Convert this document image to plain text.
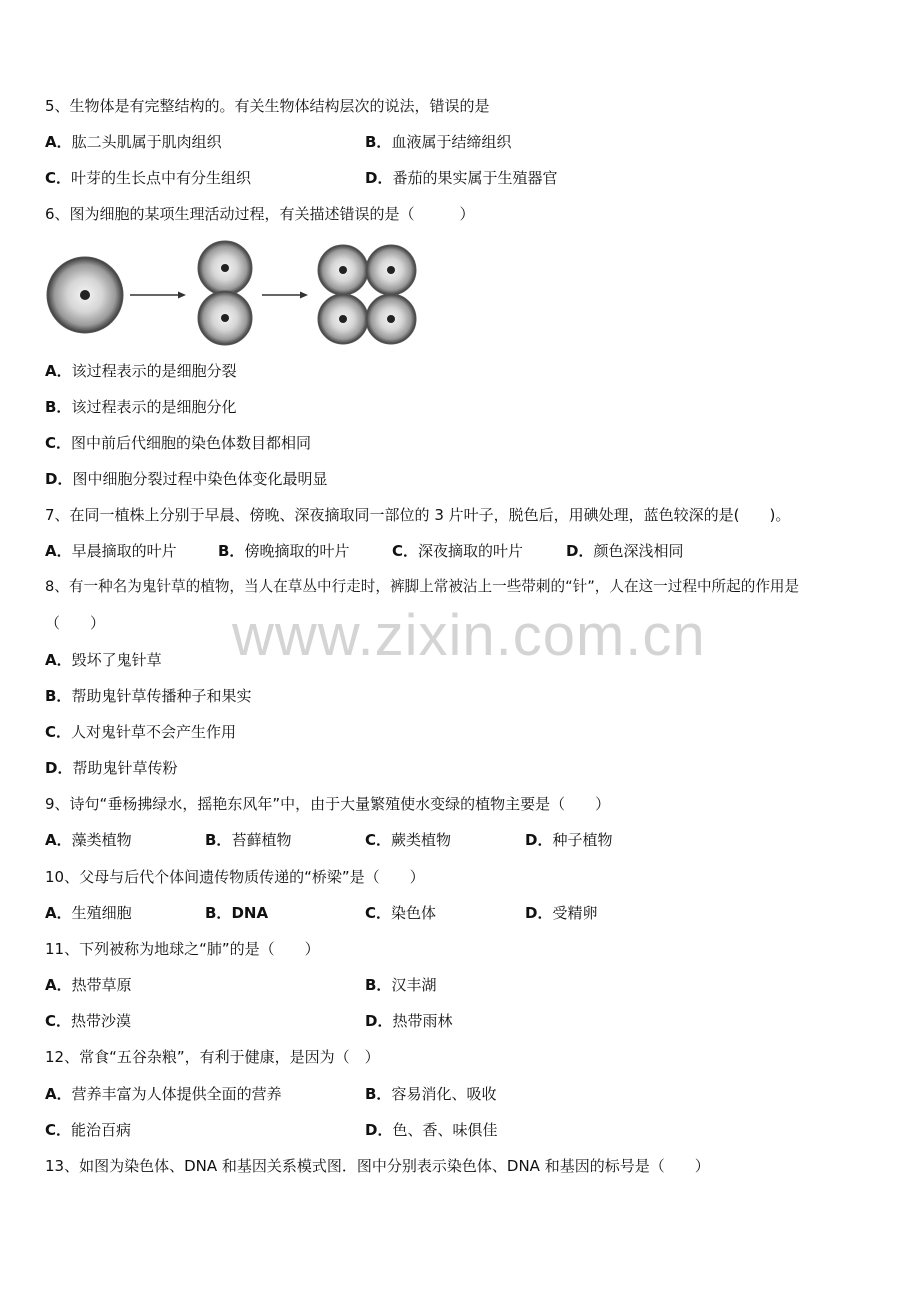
www.zixin.com.cn
5、生物体是有完整结构的。有关生物体结构层次的说法，错误的是
A．肱二头肌属于肌肉组织	B．血液属于结缔组织
C．叶芽的生长点中有分生组织	D．番茄的果实属于生殖器官
6、图为细胞的某项生理活动过程，有关描述错误的是（　　　）
A．该过程表示的是细胞分裂
B．该过程表示的是细胞分化
C．图中前后代细胞的染色体数目都相同
D．图中细胞分裂过程中染色体变化最明显
7、在同一植株上分别于早晨、傍晚、深夜摘取同一部位的 3 片叶子，脱色后，用碘处理，蓝色较深的是(　　)。
A．早晨摘取的叶片	B．傍晚摘取的叶片	C．深夜摘取的叶片	D．颜色深浅相同
8、有一种名为鬼针草的植物，当人在草丛中行走时，裤脚上常被沾上一些带刺的“针”，人在这一过程中所起的作用是
（　　）
A．毁坏了鬼针草
B．帮助鬼针草传播种子和果实
C．人对鬼针草不会产生作用
D．帮助鬼针草传粉
9、诗句“垂杨拂绿水，摇艳东风年”中，由于大量繁殖使水变绿的植物主要是（　　）
A．藻类植物	B．苔藓植物	C．蕨类植物	D．种子植物
10、父母与后代个体间遗传物质传递的“桥梁”是（　　）
A．生殖细胞	B．DNA	C．染色体	D．受精卵
11、下列被称为地球之“肺”的是（　　）
A．热带草原	B．汉丰湖
C．热带沙漠	D．热带雨林
12、常食“五谷杂粮”，有利于健康，是因为（　）
A．营养丰富为人体提供全面的营养	B．容易消化、吸收
C．能治百病	D．色、香、味俱佳
13、如图为染色体、DNA 和基因关系模式图．图中分别表示染色体、DNA 和基因的标号是（　　）
